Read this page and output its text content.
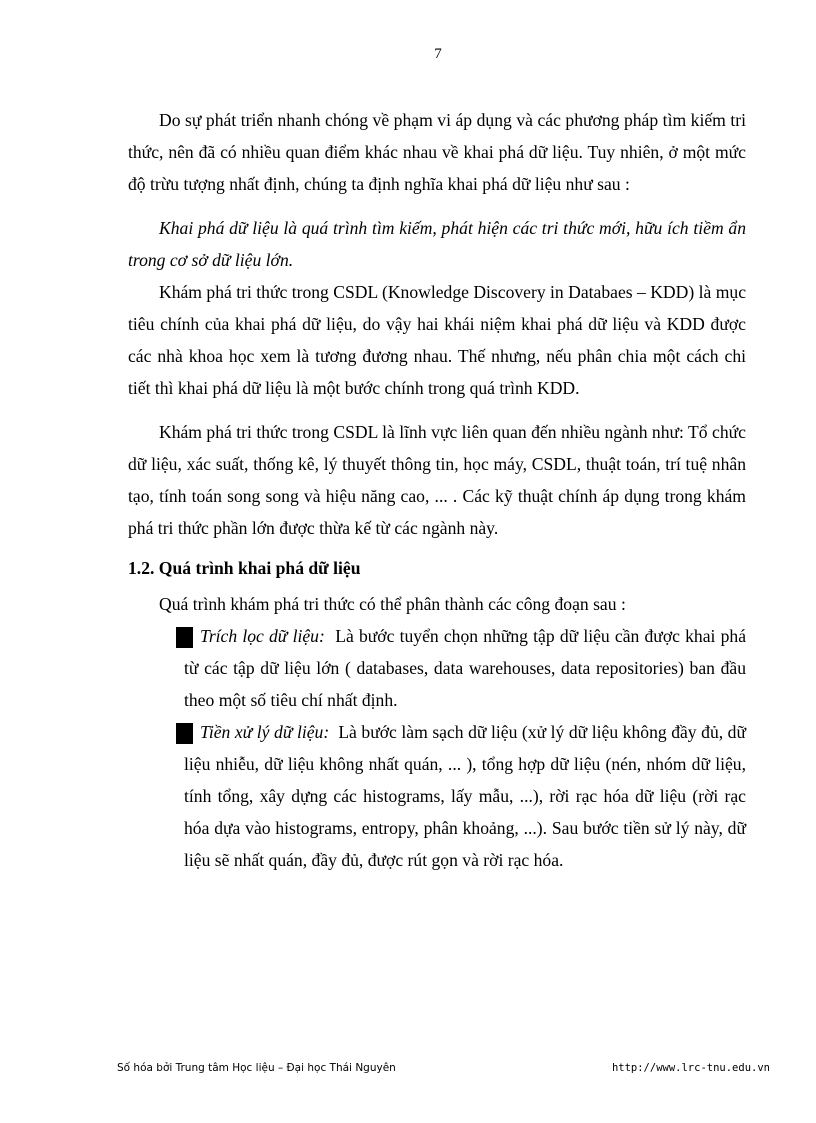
7

Do sự phát triển nhanh chóng về phạm vi áp dụng và các phương pháp tìm kiếm tri thức, nên đã có nhiều quan điểm khác nhau về khai phá dữ liệu. Tuy nhiên, ở một mức độ trừu tượng nhất định, chúng ta định nghĩa khai phá dữ liệu như sau :

Khai phá dữ liệu là quá trình tìm kiếm, phát hiện các tri thức mới, hữu ích tiềm ẩn trong cơ sở dữ liệu lớn.

Khám phá tri thức trong CSDL (Knowledge Discovery in Databaes – KDD) là mục tiêu chính của khai phá dữ liệu, do vậy hai khái niệm khai phá dữ liệu và KDD được các nhà khoa học xem là tương đương nhau. Thế nhưng, nếu phân chia một cách chi tiết thì khai phá dữ liệu là một bước chính trong quá trình KDD.

Khám phá tri thức trong CSDL là lĩnh vực liên quan đến nhiều ngành như: Tổ chức dữ liệu, xác suất, thống kê, lý thuyết thông tin, học máy, CSDL, thuật toán, trí tuệ nhân tạo, tính toán song song và hiệu năng cao, ... . Các kỹ thuật chính áp dụng trong khám phá tri thức phần lớn được thừa kế từ các ngành này.

1.2. Quá trình khai phá dữ liệu

Quá trình khám phá tri thức có thể phân thành các công đoạn sau :

Trích lọc dữ liệu: Là bước tuyển chọn những tập dữ liệu cần được khai phá từ các tập dữ liệu lớn ( databases, data warehouses, data repositories) ban đầu theo một số tiêu chí nhất định.
Tiền xử lý dữ liệu: Là bước làm sạch dữ liệu (xử lý dữ liệu không đầy đủ, dữ liệu nhiễu, dữ liệu không nhất quán, ... ), tổng hợp dữ liệu (nén, nhóm dữ liệu, tính tổng, xây dựng các histograms, lấy mẫu, ...), rời rạc hóa dữ liệu (rời rạc hóa dựa vào histograms, entropy, phân khoảng, ...). Sau bước tiền sử lý này, dữ liệu sẽ nhất quán, đầy đủ, được rút gọn và rời rạc hóa.
Số hóa bởi Trung tâm Học liệu – Đại học Thái Nguyên	http://www.lrc-tnu.edu.vn
